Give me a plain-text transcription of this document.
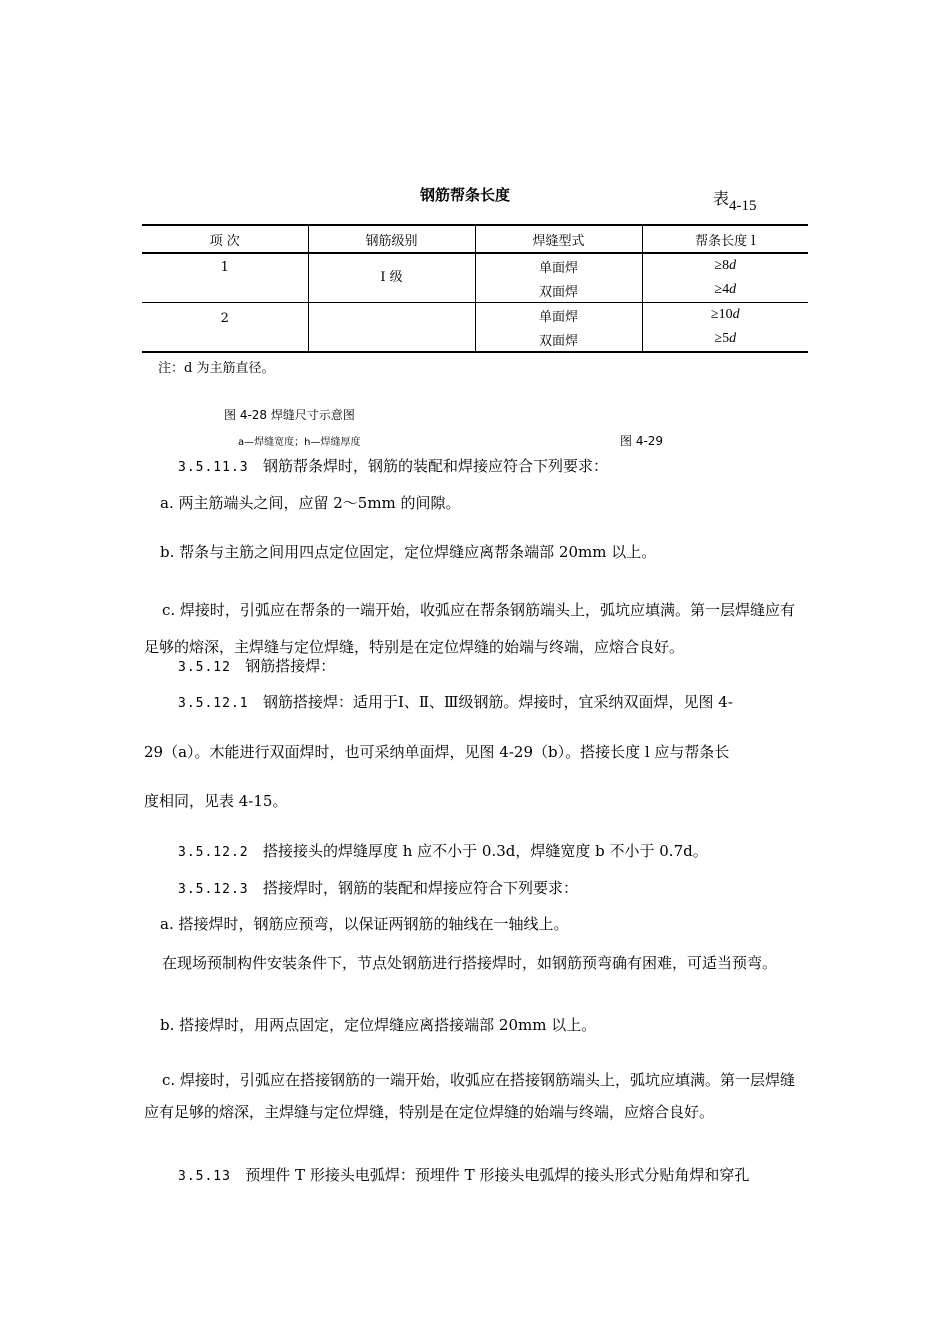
钢筋帮条长度	表4-15
项 次	钢筋级别	焊缝型式	帮条长度 l
1	Ⅰ 级	单面焊	≥8d
		双面焊	≥4d
2		单面焊	≥10d
		双面焊	≥5d
注：d 为主筋直径。
图 4-28 焊缝尺寸示意图
a—焊缝宽度；h—焊缝厚度	图 4-29
3.5.11.3 钢筋帮条焊时，钢筋的装配和焊接应符合下列要求：
a. 两主筋端头之间，应留 2～5mm 的间隙。
b. 帮条与主筋之间用四点定位固定，定位焊缝应离帮条端部 20mm 以上。
c. 焊接时，引弧应在帮条的一端开始，收弧应在帮条钢筋端头上，弧坑应填满。第一层焊缝应有足够的熔深，主焊缝与定位焊缝，特别是在定位焊缝的始端与终端，应熔合良好。
3.5.12 钢筋搭接焊：
3.5.12.1 钢筋搭接焊：适用于Ⅰ、Ⅱ、Ⅲ级钢筋。焊接时，宜采纳双面焊，见图 4-
29（a）。木能进行双面焊时，也可采纳单面焊，见图 4-29（b）。搭接长度 l 应与帮条长
度相同，见表 4-15。
3.5.12.2 搭接接头的焊缝厚度 h 应不小于 0.3d，焊缝宽度 b 不小于 0.7d。
3.5.12.3 搭接焊时，钢筋的装配和焊接应符合下列要求：
a. 搭接焊时，钢筋应预弯，以保证两钢筋的轴线在一轴线上。
在现场预制构件安装条件下，节点处钢筋进行搭接焊时，如钢筋预弯确有困难，可适当预弯。
b. 搭接焊时，用两点固定，定位焊缝应离搭接端部 20mm 以上。
c. 焊接时，引弧应在搭接钢筋的一端开始，收弧应在搭接钢筋端头上，弧坑应填满。第一层焊缝应有足够的熔深，主焊缝与定位焊缝，特别是在定位焊缝的始端与终端，应熔合良好。
3.5.13 预埋件 T 形接头电弧焊：预埋件 T 形接头电弧焊的接头形式分贴角焊和穿孔
